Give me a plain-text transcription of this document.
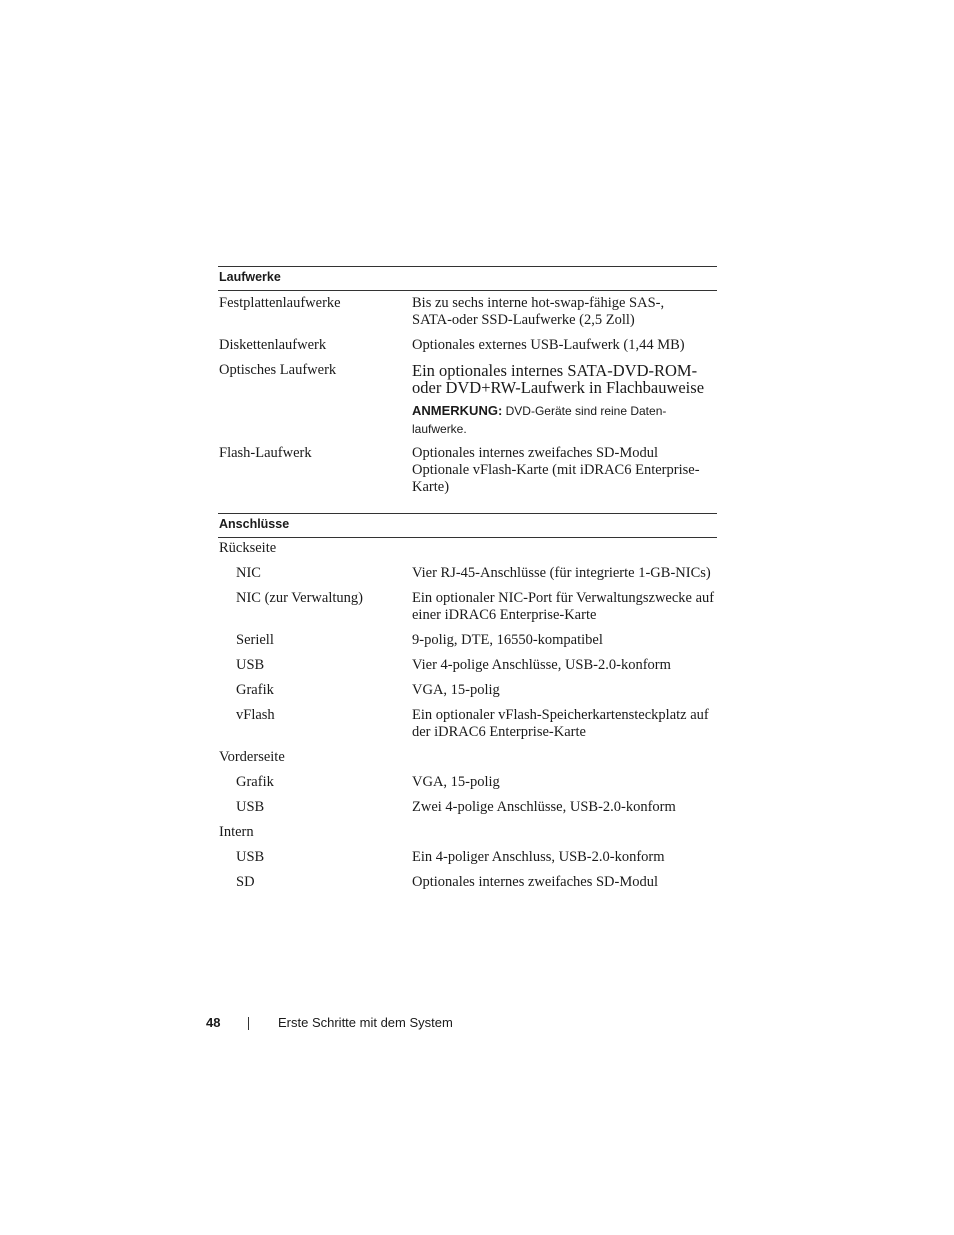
Laufwerke
Festplattenlaufwerke	Bis zu sechs interne hot-swap-fähige SAS-,
SATA-oder SSD-Laufwerke (2,5 Zoll)
Diskettenlaufwerk	Optionales externes USB-Laufwerk (1,44 MB)
Optisches Laufwerk	Ein optionales internes SATA-DVD-ROM-
oder DVD+RW-Laufwerk in Flachbauweise
ANMERKUNG: DVD-Geräte sind reine Daten-
laufwerke.
Flash-Laufwerk	Optionales internes zweifaches SD-Modul
Optionale vFlash-Karte (mit iDRAC6 Enterprise-
Karte)
Anschlüsse
Rückseite
NIC	Vier RJ-45-Anschlüsse (für integrierte 1-GB-NICs)
NIC (zur Verwaltung)	Ein optionaler NIC-Port für Verwaltungszwecke auf
einer iDRAC6 Enterprise-Karte
Seriell	9-polig, DTE, 16550-kompatibel
USB	Vier 4-polige Anschlüsse, USB-2.0-konform
Grafik	VGA, 15-polig
vFlash	Ein optionaler vFlash-Speicherkartensteckplatz auf
der iDRAC6 Enterprise-Karte
Vorderseite
Grafik	VGA, 15-polig
USB	Zwei 4-polige Anschlüsse, USB-2.0-konform
Intern
USB	Ein 4-poliger Anschluss, USB-2.0-konform
SD	Optionales internes zweifaches SD-Modul
48	Erste Schritte mit dem System
